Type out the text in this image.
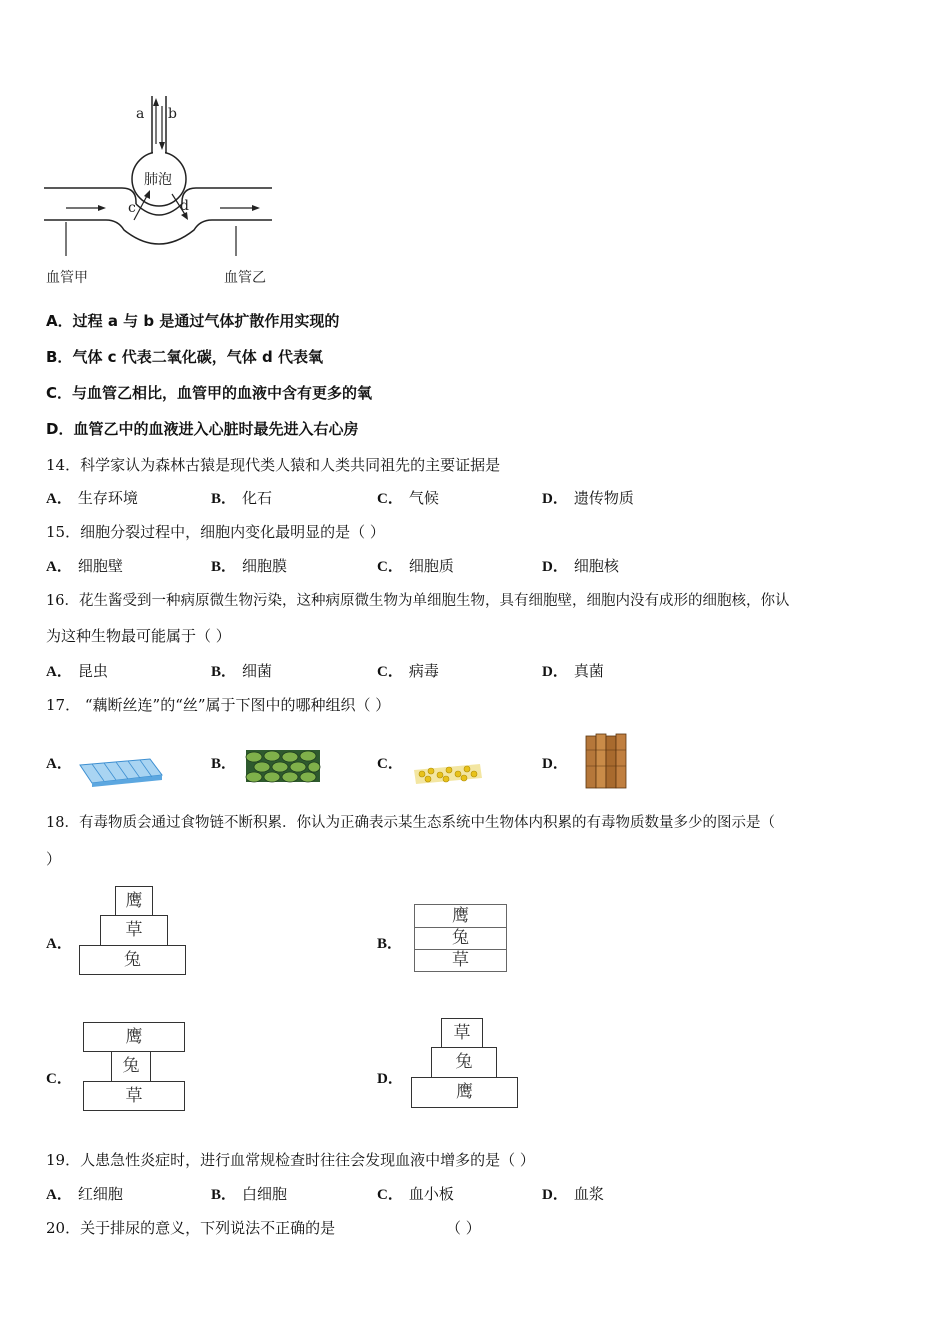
a b
肺泡
c	d
血管甲	血管乙
A．过程 a 与 b 是通过气体扩散作用实现的
B．气体 c 代表二氧化碳，气体 d 代表氧
C．与血管乙相比，血管甲的血液中含有更多的氧
D．血管乙中的血液进入心脏时最先进入右心房
14．科学家认为森林古猿是现代类人猿和人类共同祖先的主要证据是
A． 生存环境	B． 化石	C． 气候	D． 遗传物质
15．细胞分裂过程中，细胞内变化最明显的是（ ）
A． 细胞壁	B． 细胞膜	C． 细胞质	D． 细胞核
16．花生酱受到一种病原微生物污染，这种病原微生物为单细胞生物，具有细胞壁，细胞内没有成形的细胞核，你认
为这种生物最可能属于（ ）
A． 昆虫	B． 细菌	C． 病毒	D． 真菌
17． “藕断丝连”的“丝”属于下图中的哪种组织（ ）
A．	B．	C．	D．
18．有毒物质会通过食物链不断积累．你认为正确表示某生态系统中生物体内积累的有毒物质数量多少的图示是（
）
A．
鹰
草
兔
B．
鹰
兔
草
C．
鹰
兔
草
D．
草
兔
鹰
19．人患急性炎症时，进行血常规检查时往往会发现血液中增多的是（ ）
A． 红细胞	B． 白细胞	C． 血小板	D． 血浆
20．关于排尿的意义，下列说法不正确的是	（ ）
